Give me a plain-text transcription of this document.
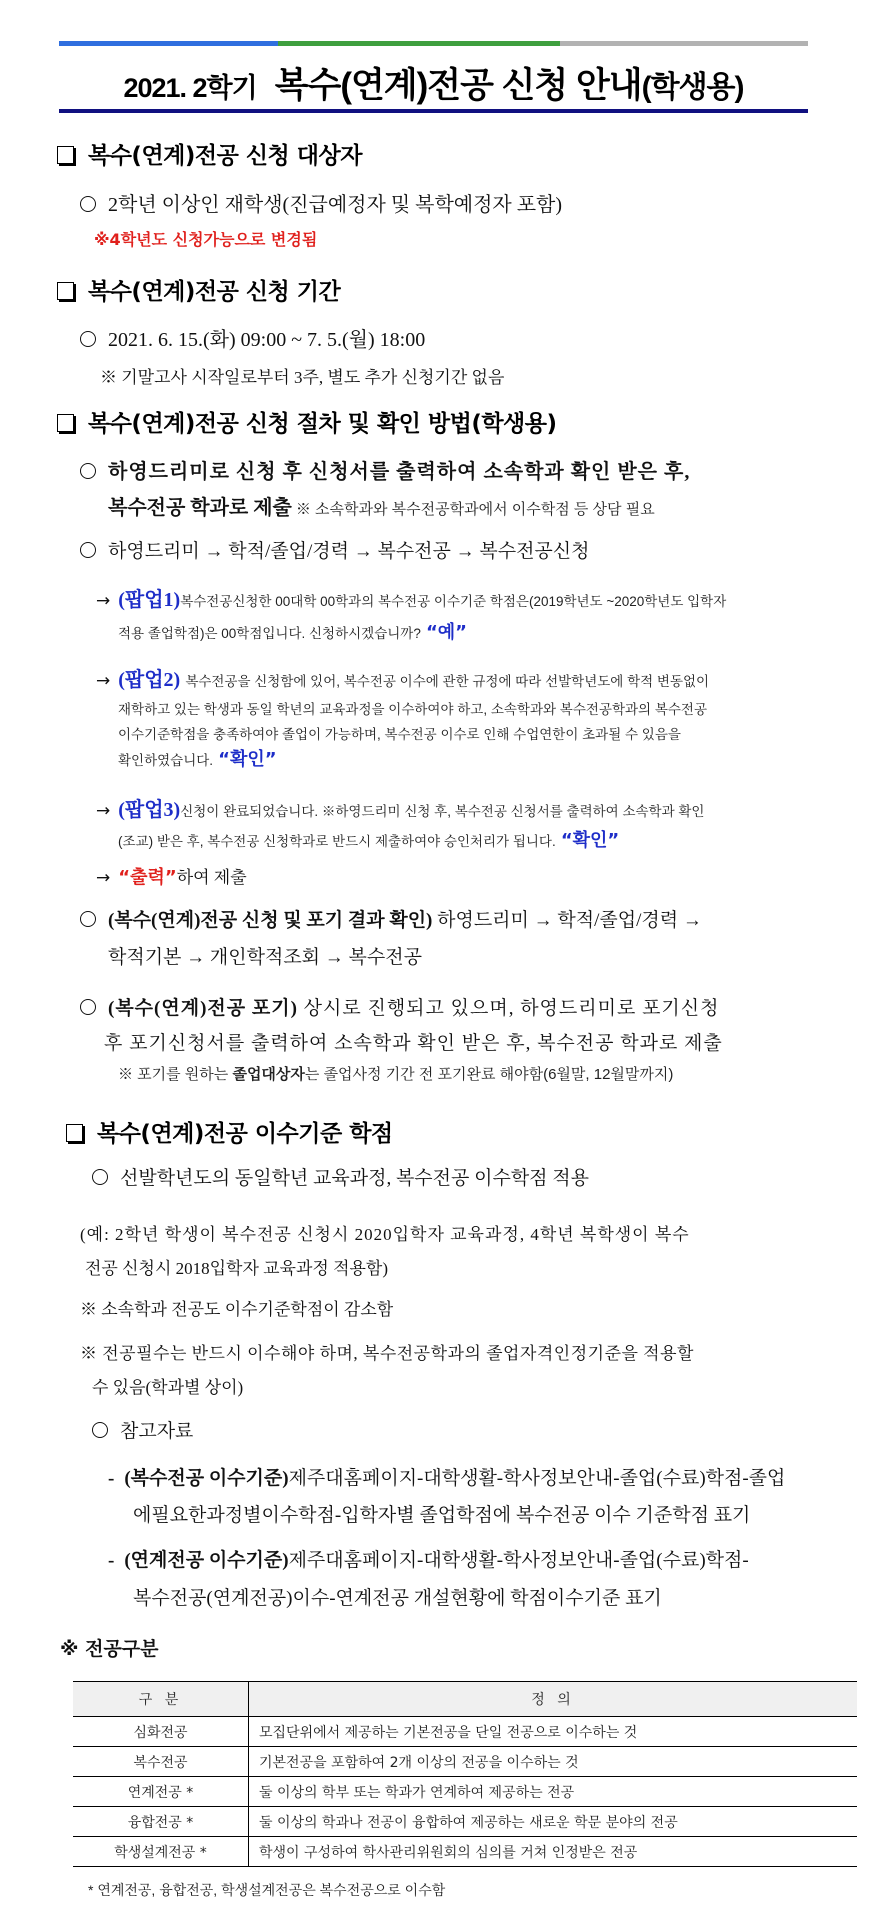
2021. 2학기 복수(연계)전공 신청 안내(학생용)
복수(연계)전공 신청 대상자
2학년 이상인 재학생(진급예정자 및 복학예정자 포함)
※4학년도 신청가능으로 변경됨
복수(연계)전공 신청 기간
2021. 6. 15.(화) 09:00 ~ 7. 5.(월) 18:00
※ 기말고사 시작일로부터 3주, 별도 추가 신청기간 없음
복수(연계)전공 신청 절차 및 확인 방법(학생용)
하영드리미로 신청 후 신청서를 출력하여 소속학과 확인 받은 후,
복수전공 학과로 제출 ※ 소속학과와 복수전공학과에서 이수학점 등 상담 필요
하영드리미 → 학적/졸업/경력 → 복수전공 → 복수전공신청
→ (팝업1)복수전공신청한 00대학 00학과의 복수전공 이수기준 학점은(2019학년도 ~2020학년도 입학자
적용 졸업학점)은 00학점입니다. 신청하시겠습니까? “예”
→ (팝업2) 복수전공을 신청함에 있어, 복수전공 이수에 관한 규정에 따라 선발학년도에 학적 변동없이
재학하고 있는 학생과 동일 학년의 교육과정을 이수하여야 하고, 소속학과와 복수전공학과의 복수전공
이수기준학점을 충족하여야 졸업이 가능하며, 복수전공 이수로 인해 수업연한이 초과될 수 있음을
확인하였습니다. “확인”
→ (팝업3)신청이 완료되었습니다. ※하영드리미 신청 후, 복수전공 신청서를 출력하여 소속학과 확인
(조교) 받은 후, 복수전공 신청학과로 반드시 제출하여야 승인처리가 됩니다. “확인”
→ “출력”하여 제출
(복수(연계)전공 신청 및 포기 결과 확인) 하영드리미 → 학적/졸업/경력 →
학적기본 → 개인학적조회 → 복수전공
(복수(연계)전공 포기) 상시로 진행되고 있으며, 하영드리미로 포기신청
후 포기신청서를 출력하여 소속학과 확인 받은 후, 복수전공 학과로 제출
※ 포기를 원하는 졸업대상자는 졸업사정 기간 전 포기완료 해야함(6월말, 12월말까지)
복수(연계)전공 이수기준 학점
선발학년도의 동일학년 교육과정, 복수전공 이수학점 적용
(예: 2학년 학생이 복수전공 신청시 2020입학자 교육과정, 4학년 복학생이 복수
전공 신청시 2018입학자 교육과정 적용함)
※ 소속학과 전공도 이수기준학점이 감소함
※ 전공필수는 반드시 이수해야 하며, 복수전공학과의 졸업자격인정기준을 적용할
수 있음(학과별 상이)
참고자료
- (복수전공 이수기준)제주대홈페이지-대학생활-학사정보안내-졸업(수료)학점-졸업
에필요한과정별이수학점-입학자별 졸업학점에 복수전공 이수 기준학점 표기
- (연계전공 이수기준)제주대홈페이지-대학생활-학사정보안내-졸업(수료)학점-
복수전공(연계전공)이수-연계전공 개설현황에 학점이수기준 표기
※ 전공구분
구 분	정 의
심화전공	모집단위에서 제공하는 기본전공을 단일 전공으로 이수하는 것
복수전공	기본전공을 포함하여 2개 이상의 전공을 이수하는 것
연계전공 *	둘 이상의 학부 또는 학과가 연계하여 제공하는 전공
융합전공 *	둘 이상의 학과나 전공이 융합하여 제공하는 새로운 학문 분야의 전공
학생설계전공 *	학생이 구성하여 학사관리위원회의 심의를 거쳐 인정받은 전공
* 연계전공, 융합전공, 학생설계전공은 복수전공으로 이수함
